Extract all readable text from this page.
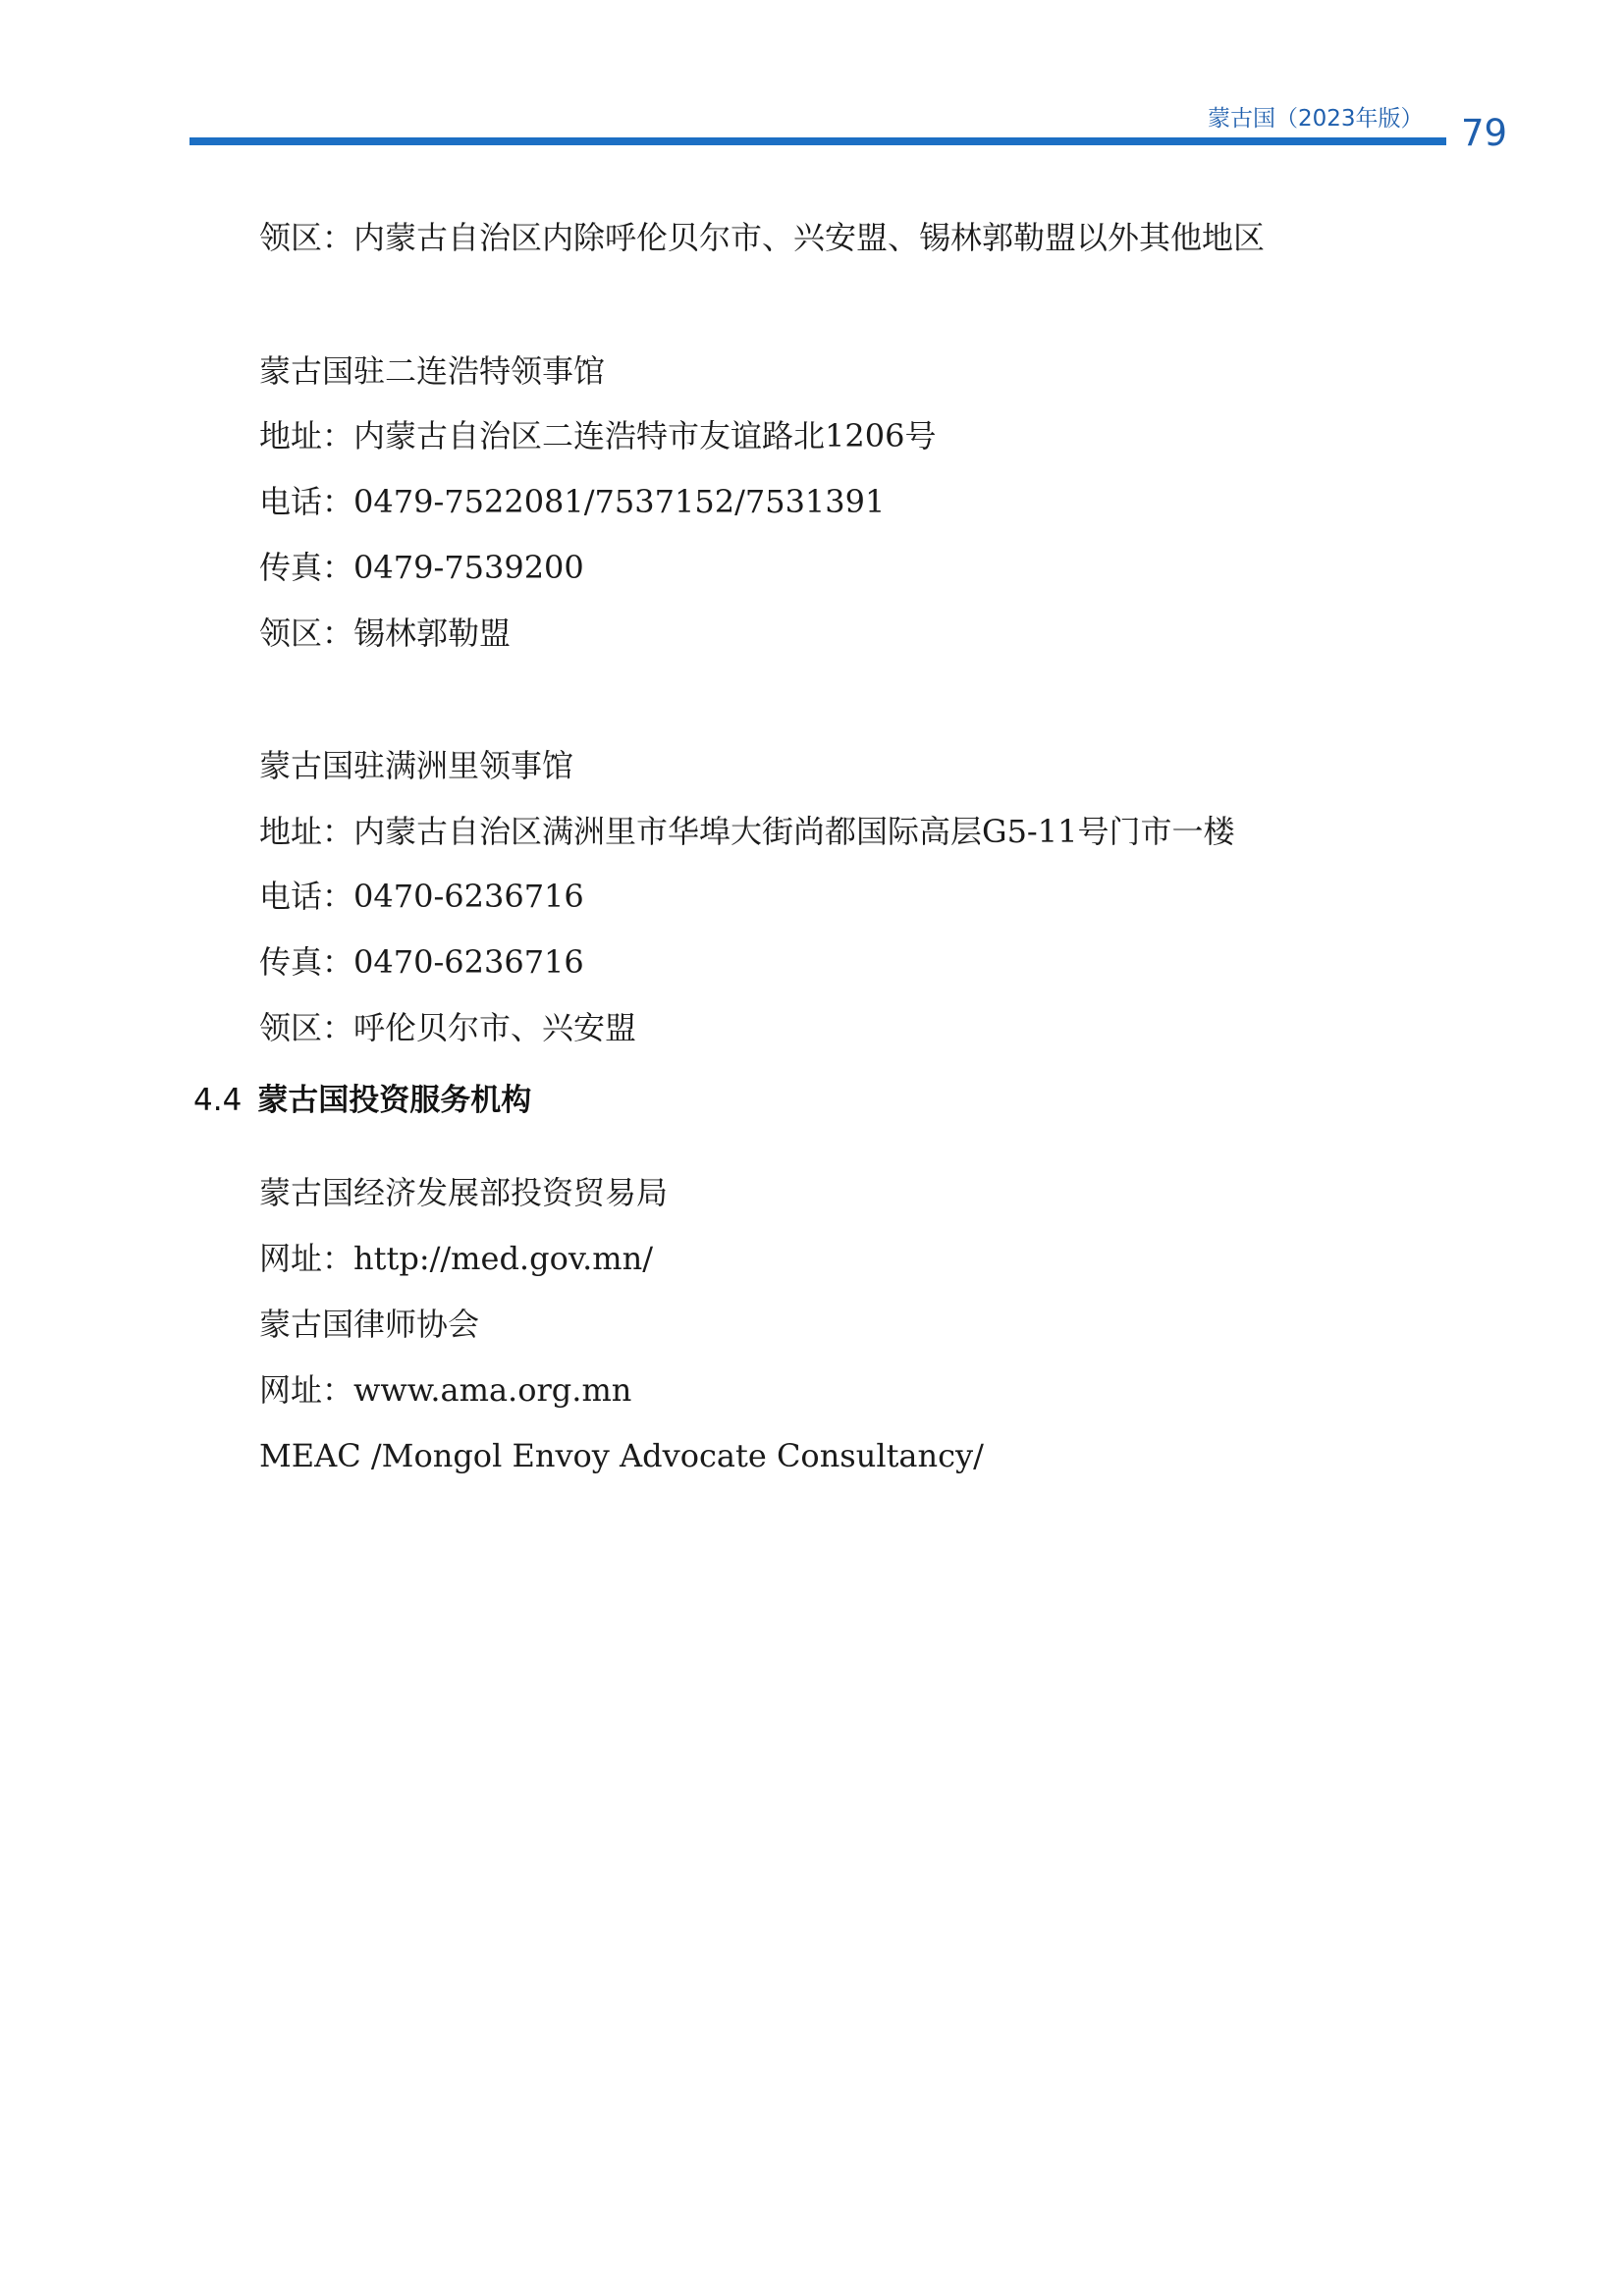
蒙古国（2023年版） 79
领区：内蒙古自治区内除呼伦贝尔市、兴安盟、锡林郭勒盟以外其他地区
蒙古国驻二连浩特领事馆
地址：内蒙古自治区二连浩特市友谊路北1206号
电话：0479-7522081/7537152/7531391
传真：0479-7539200
领区：锡林郭勒盟
蒙古国驻满洲里领事馆
地址：内蒙古自治区满洲里市华埠大街尚都国际高层G5-11号门市一楼
电话：0470-6236716
传真：0470-6236716
领区：呼伦贝尔市、兴安盟
4.4 蒙古国投资服务机构
蒙古国经济发展部投资贸易局
网址：http://med.gov.mn/
蒙古国律师协会
网址：www.ama.org.mn
MEAC /Mongol Envoy Advocate Consultancy/
